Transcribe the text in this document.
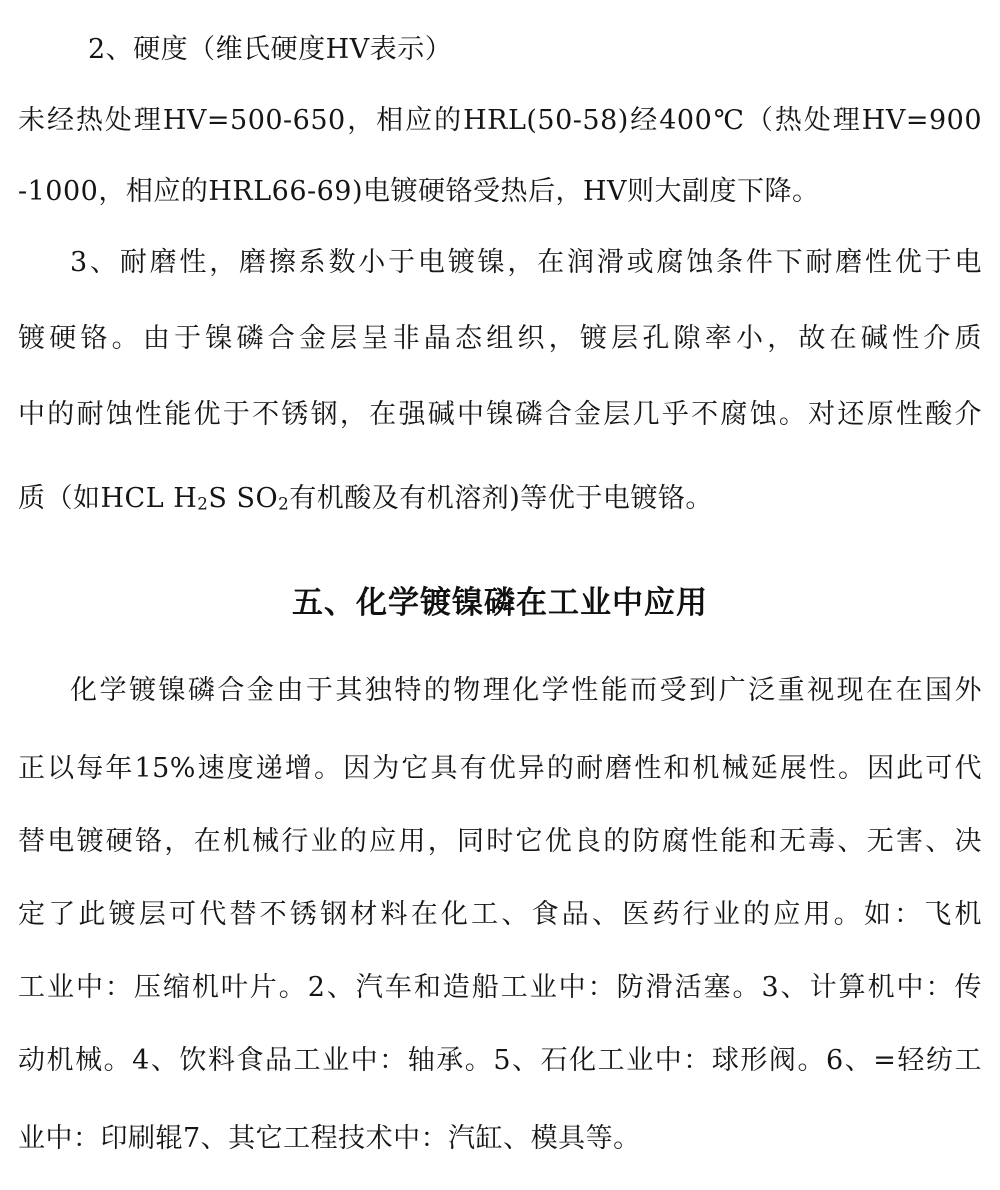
2、硬度（维氏硬度HV表示）
未经热处理HV=500-650，相应的HRL(50-58)经400℃（热处理HV=900
-1000，相应的HRL66-69)电镀硬铬受热后，HV则大副度下降。
3、耐磨性，磨擦系数小于电镀镍，在润滑或腐蚀条件下耐磨性优于电
镀硬铬。由于镍磷合金层呈非晶态组织，镀层孔隙率小，故在碱性介质
中的耐蚀性能优于不锈钢，在强碱中镍磷合金层几乎不腐蚀。对还原性酸介
质（如HCL H2S SO2有机酸及有机溶剂)等优于电镀铬。
五、化学镀镍磷在工业中应用
化学镀镍磷合金由于其独特的物理化学性能而受到广泛重视现在在国外
正以每年15%速度递增。因为它具有优异的耐磨性和机械延展性。因此可代
替电镀硬铬，在机械行业的应用，同时它优良的防腐性能和无毒、无害、决
定了此镀层可代替不锈钢材料在化工、食品、医药行业的应用。如：飞机
工业中：压缩机叶片。2、汽车和造船工业中：防滑活塞。3、计算机中：传
动机械。4、饮料食品工业中：轴承。5、石化工业中：球形阀。6、=轻纺工
业中：印刷辊7、其它工程技术中：汽缸、模具等。
